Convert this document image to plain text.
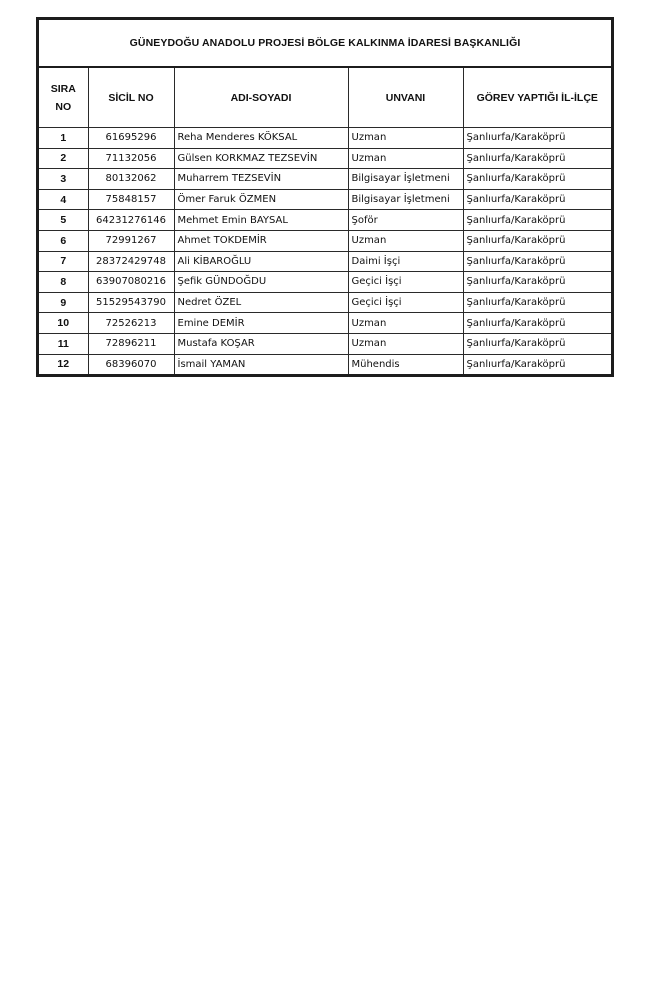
GÜNEYDOĞU ANADOLU PROJESİ BÖLGE KALKINMA İDARESİ BAŞKANLIĞI
SIRA
NO	SİCİL NO	ADI-SOYADI	UNVANI	GÖREV YAPTIĞI İL-İLÇE
1	61695296	Reha Menderes KÖKSAL	Uzman	Şanlıurfa/Karaköprü
2	71132056	Gülsen KORKMAZ TEZSEVİN	Uzman	Şanlıurfa/Karaköprü
3	80132062	Muharrem TEZSEVİN	Bilgisayar İşletmeni	Şanlıurfa/Karaköprü
4	75848157	Ömer Faruk ÖZMEN	Bilgisayar İşletmeni	Şanlıurfa/Karaköprü
5	64231276146	Mehmet Emin BAYSAL	Şoför	Şanlıurfa/Karaköprü
6	72991267	Ahmet TOKDEMİR	Uzman	Şanlıurfa/Karaköprü
7	28372429748	Ali KİBAROĞLU	Daimi İşçi	Şanlıurfa/Karaköprü
8	63907080216	Şefik GÜNDOĞDU	Geçici İşçi	Şanlıurfa/Karaköprü
9	51529543790	Nedret ÖZEL	Geçici İşçi	Şanlıurfa/Karaköprü
10	72526213	Emine DEMİR	Uzman	Şanlıurfa/Karaköprü
11	72896211	Mustafa KOŞAR	Uzman	Şanlıurfa/Karaköprü
12	68396070	İsmail YAMAN	Mühendis	Şanlıurfa/Karaköprü
